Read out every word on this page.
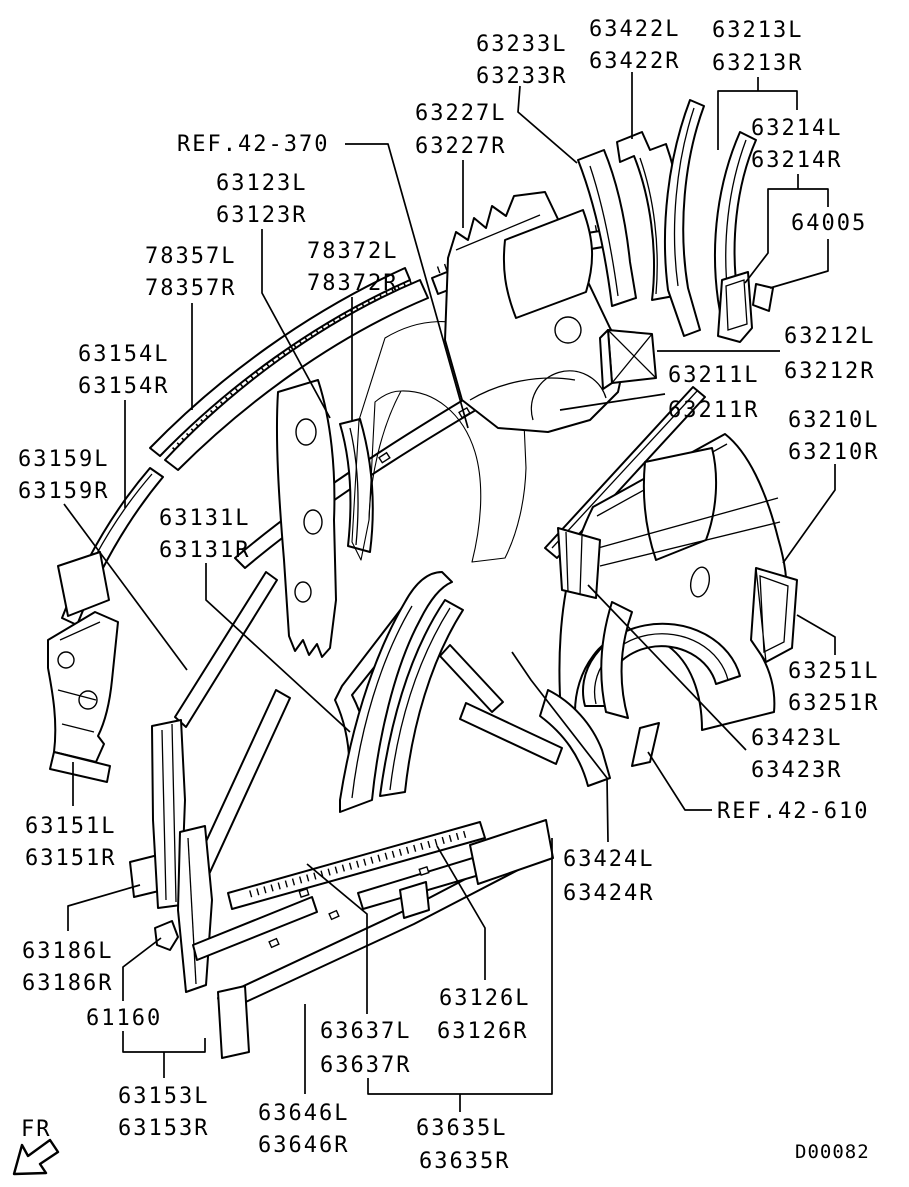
63233L
63233R
63422L
63422R
63213L
63213R
63227L
63227R
63214L
63214R
64005
REF.42-370
63123L
63123R
78357L
78357R
78372L
78372R
63154L
63154R
63159L
63159R
63131L
63131R
63212L
63212R
63211L
63211R 63210L
63210R
63251L
63251R
63423L
63423R
REF.42-610
63424L
63424R
63151L
63151R
63186L
63186R
61160
63153L
63153R
63646L
63646R
63637L
63637R
63126L
63126R
63635L
63635R
FR
D00082
